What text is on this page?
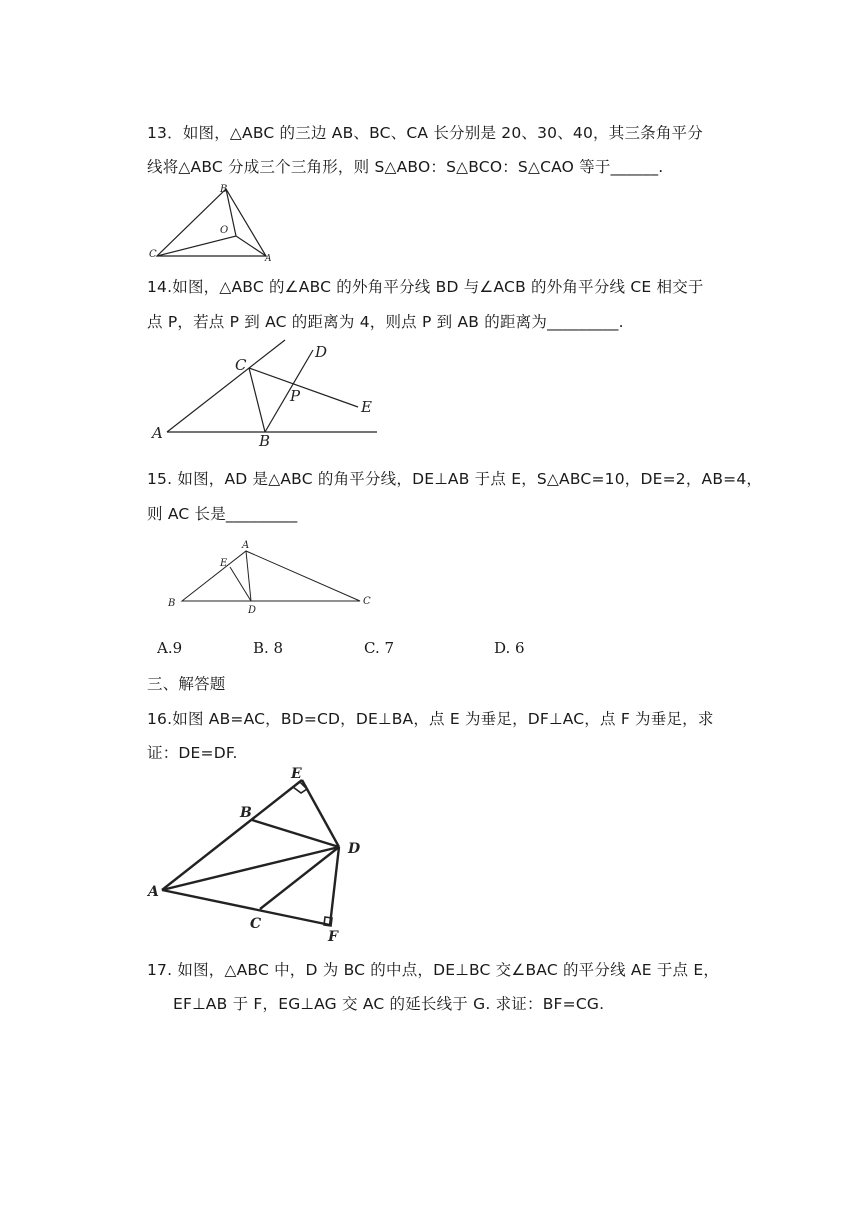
13．如图，△ABC 的三边 AB、BC、CA 长分别是 20、30、40，其三条角平分
线将△ABC 分成三个三角形，则 S△ABO：S△BCO：S△CAO 等于______.
B
C
O
A
14.如图，△ABC 的∠ABC 的外角平分线 BD 与∠ACB 的外角平分线 CE 相交于
点 P，若点 P 到 AC 的距离为 4，则点 P 到 AB 的距离为_________.
C
D
P
E
A	B
15. 如图，AD 是△ABC 的角平分线，DE⊥AB 于点 E，S△ABC=10，DE=2，AB=4，
则 AC 长是_________
A
E
B
D
C
A.9	B. 8	C. 7	D. 6
三、解答题
16.如图 AB=AC，BD=CD，DE⊥BA，点 E 为垂足，DF⊥AC，点 F 为垂足，求
证：DE=DF.
E
B
D
A
C
F
17. 如图，△ABC 中，D 为 BC 的中点，DE⊥BC 交∠BAC 的平分线 AE 于点 E，
EF⊥AB 于 F，EG⊥AG 交 AC 的延长线于 G. 求证：BF=CG.
